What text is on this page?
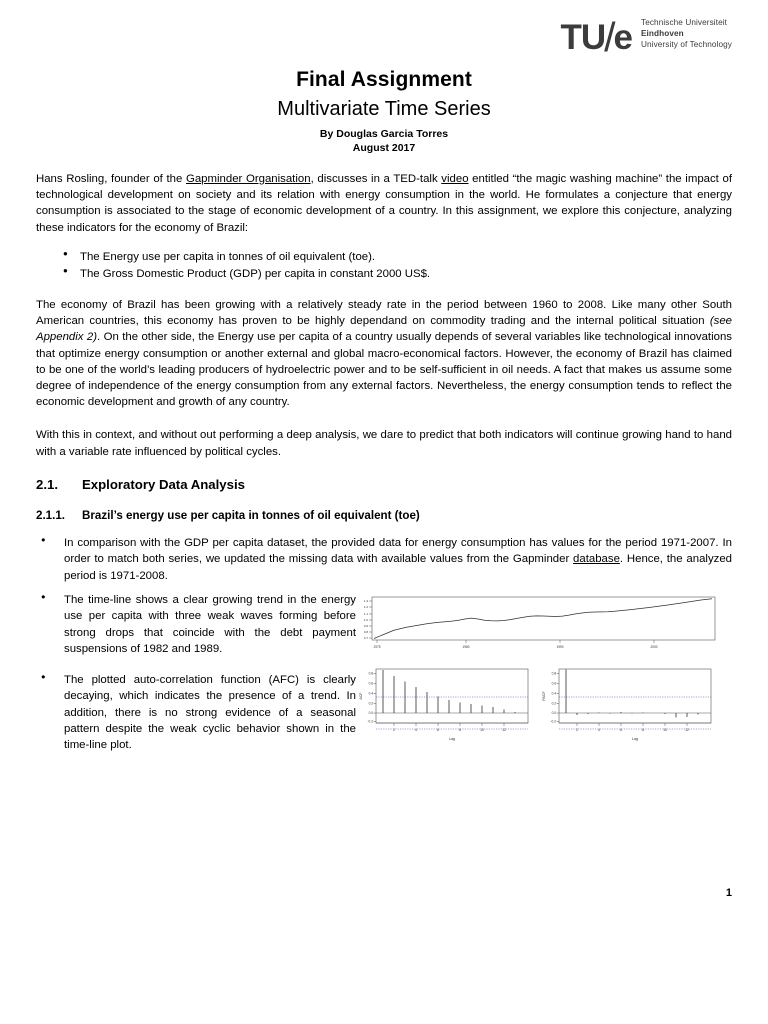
TU/e Technische Universiteit
Eindhoven
University of Technology
Final Assignment
Multivariate Time Series
By Douglas Garcia Torres
August 2017

Hans Rosling, founder of the Gapminder Organisation, discusses in a TED-talk video entitled “the magic washing machine” the impact of technological development on society and its relation with energy consumption in the world. He formulates a conjecture that energy consumption is associated to the stage of economic development of a country. In this assignment, we explore this conjecture, analyzing these indicators for the economy of Brazil:

● The Energy use per capita in tonnes of oil equivalent (toe).
● The Gross Domestic Product (GDP) per capita in constant 2000 US$.

The economy of Brazil has been growing with a relatively steady rate in the period between 1960 to 2008. Like many other South American countries, this economy has proven to be highly dependand on commodity trading and the internal political situation (see Appendix 2). On the other side, the Energy use per capita of a country usually depends of several variables like technological innovations that optimize energy consumption or another external and global macro-economical factors. However, the economy of Brazil has claimed to be one of the world’s leading producers of hydroelectric power and to be self-sufficient in oil needs. A fact that makes us assume some degree of independence of the energy consumption from any external factors. Nevertheless, the energy consumption tends to reflect the economic development and growth of any country.

With this in context, and without out performing a deep analysis, we dare to predict that both indicators will continue growing hand to hand with a variable rate influenced by political cycles.

2.1.	Exploratory Data Analysis
2.1.1.	Brazil’s energy use per capita in tonnes of oil equivalent (toe)
● In comparison with the GDP per capita dataset, the provided data for energy consumption has values for the period 1971-2007. In order to match both series, we updated the missing data with available values from the Gapminder database. Hence, the analyzed period is 1971-2008.
● The time-line shows a clear growing trend in the energy use per capita with three weak waves forming before strong drops that coincide with the debt payment suspensions of 1982 and 1989.
● The plotted auto-correlation function (AFC) is clearly decaying, which indicates the presence of a trend. In addition, there is no strong evidence of a seasonal pattern despite the weak cyclic behavior shown in the time-line plot.
0.7
0.8
0.9
1.0
1.1
1.2
1.3
1975	1980	1990	2000
0.8
0.6
0.4
0.2
0.0
-0.2
2	4	6	8	10	12
Lag
ACF
0.8
0.6
0.4
0.2
0.0
-0.2
2	4	6	8	10	12
Lag
PACF
1
